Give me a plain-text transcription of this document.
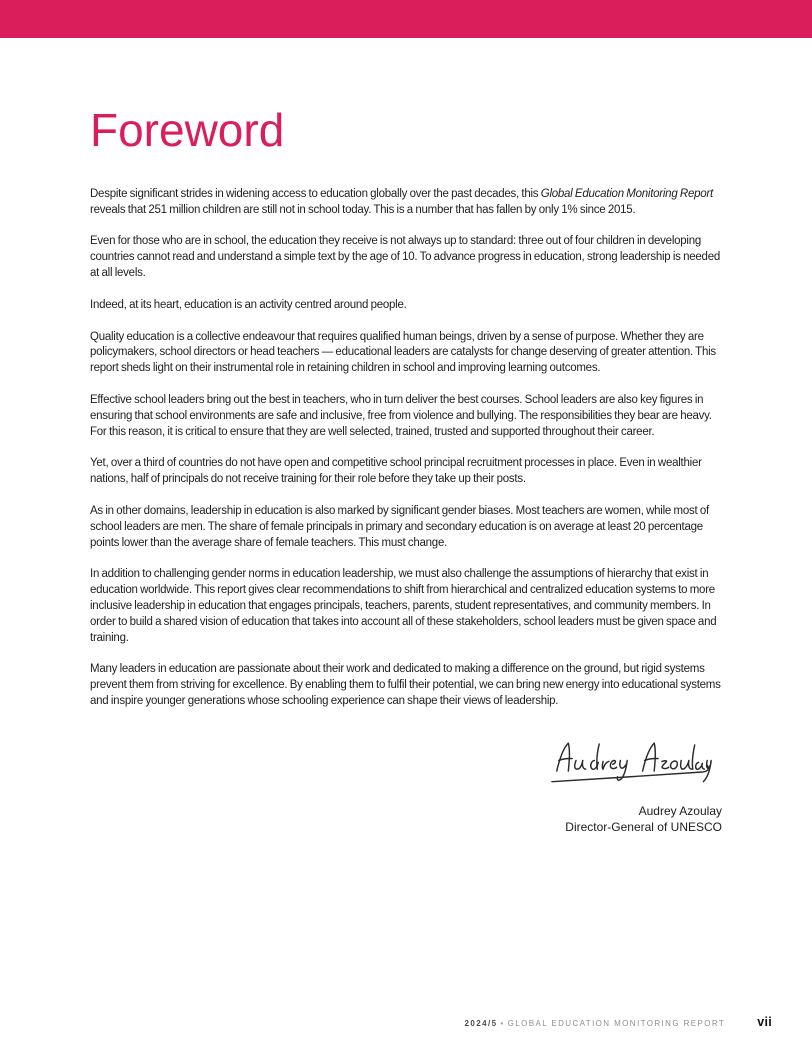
Foreword

Despite significant strides in widening access to education globally over the past decades, this Global Education Monitoring Report reveals that 251 million children are still not in school today. This is a number that has fallen by only 1% since 2015.

Even for those who are in school, the education they receive is not always up to standard: three out of four children in developing countries cannot read and understand a simple text by the age of 10. To advance progress in education, strong leadership is needed at all levels.

Indeed, at its heart, education is an activity centred around people.

Quality education is a collective endeavour that requires qualified human beings, driven by a sense of purpose. Whether they are policymakers, school directors or head teachers — educational leaders are catalysts for change deserving of greater attention. This report sheds light on their instrumental role in retaining children in school and improving learning outcomes.

Effective school leaders bring out the best in teachers, who in turn deliver the best courses. School leaders are also key figures in ensuring that school environments are safe and inclusive, free from violence and bullying. The responsibilities they bear are heavy. For this reason, it is critical to ensure that they are well selected, trained, trusted and supported throughout their career.

Yet, over a third of countries do not have open and competitive school principal recruitment processes in place. Even in wealthier nations, half of principals do not receive training for their role before they take up their posts.

As in other domains, leadership in education is also marked by significant gender biases. Most teachers are women, while most of school leaders are men. The share of female principals in primary and secondary education is on average at least 20 percentage points lower than the average share of female teachers. This must change.

In addition to challenging gender norms in education leadership, we must also challenge the assumptions of hierarchy that exist in education worldwide. This report gives clear recommendations to shift from hierarchical and centralized education systems to more inclusive leadership in education that engages principals, teachers, parents, student representatives, and community members. In order to build a shared vision of education that takes into account all of these stakeholders, school leaders must be given space and training.

Many leaders in education are passionate about their work and dedicated to making a difference on the ground, but rigid systems prevent them from striving for excellence. By enabling them to fulfil their potential, we can bring new energy into educational systems and inspire younger generations whose schooling experience can shape their views of leadership.

Audrey Azoulay
Director-General of UNESCO
2024/5 • GLOBAL EDUCATION MONITORING REPORT	vii
